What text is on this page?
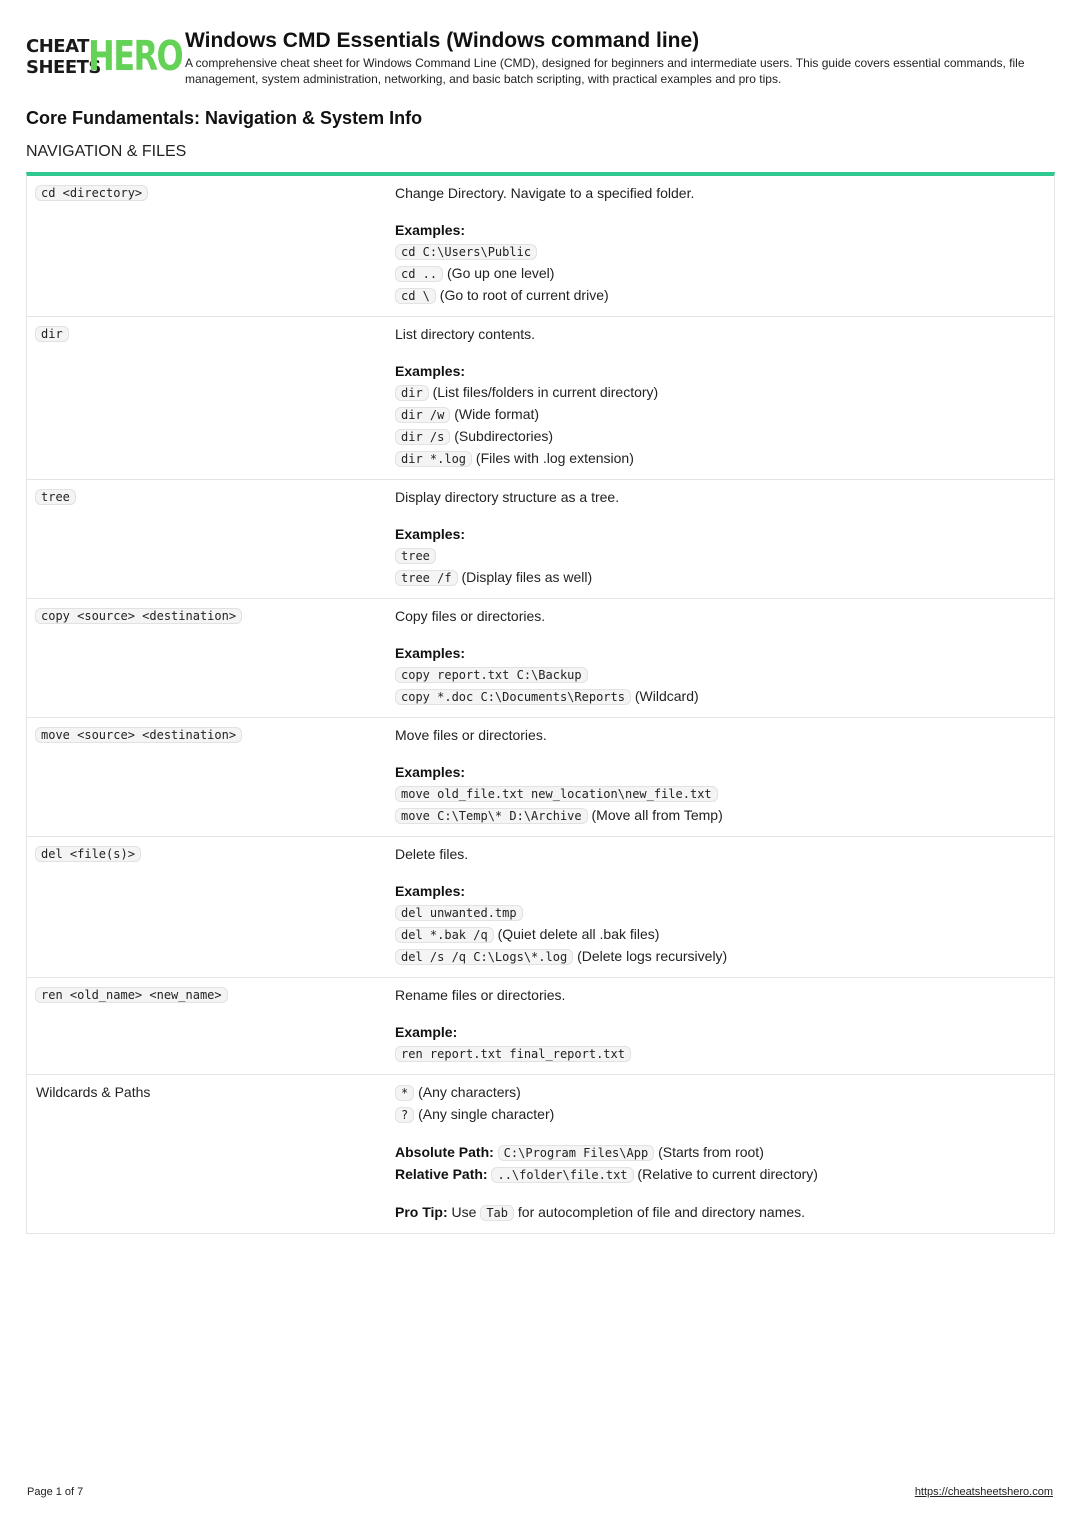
CHEAT
SHEETS
HERO Windows CMD Essentials (Windows command line)
A comprehensive cheat sheet for Windows Command Line (CMD), designed for beginners and intermediate users. This guide covers essential commands, file management, system administration, networking, and basic batch scripting, with practical examples and pro tips.
Core Fundamentals: Navigation & System Info
NAVIGATION & FILES
cd <directory>	Change Directory. Navigate to a specified folder.
Examples:
cd C:\Users\Public
cd .. (Go up one level)
cd \ (Go to root of current drive)
dir	List directory contents.
Examples:
dir (List files/folders in current directory)
dir /w (Wide format)
dir /s (Subdirectories)
dir *.log (Files with .log extension)
tree	Display directory structure as a tree.
Examples:
tree
tree /f (Display files as well)
copy <source> <destination>	Copy files or directories.
Examples:
copy report.txt C:\Backup
copy *.doc C:\Documents\Reports (Wildcard)
move <source> <destination>	Move files or directories.
Examples:
move old_file.txt new_location\new_file.txt
move C:\Temp\* D:\Archive (Move all from Temp)
del <file(s)>	Delete files.
Examples:
del unwanted.tmp
del *.bak /q (Quiet delete all .bak files)
del /s /q C:\Logs\*.log (Delete logs recursively)
ren <old_name> <new_name>	Rename files or directories.
Example:
ren report.txt final_report.txt
Wildcards & Paths	* (Any characters)
? (Any single character)
Absolute Path: C:\Program Files\App (Starts from root)
Relative Path: ..\folder\file.txt (Relative to current directory)
Pro Tip: Use Tab for autocompletion of file and directory names.
Page 1 of 7	https://cheatsheetshero.com
